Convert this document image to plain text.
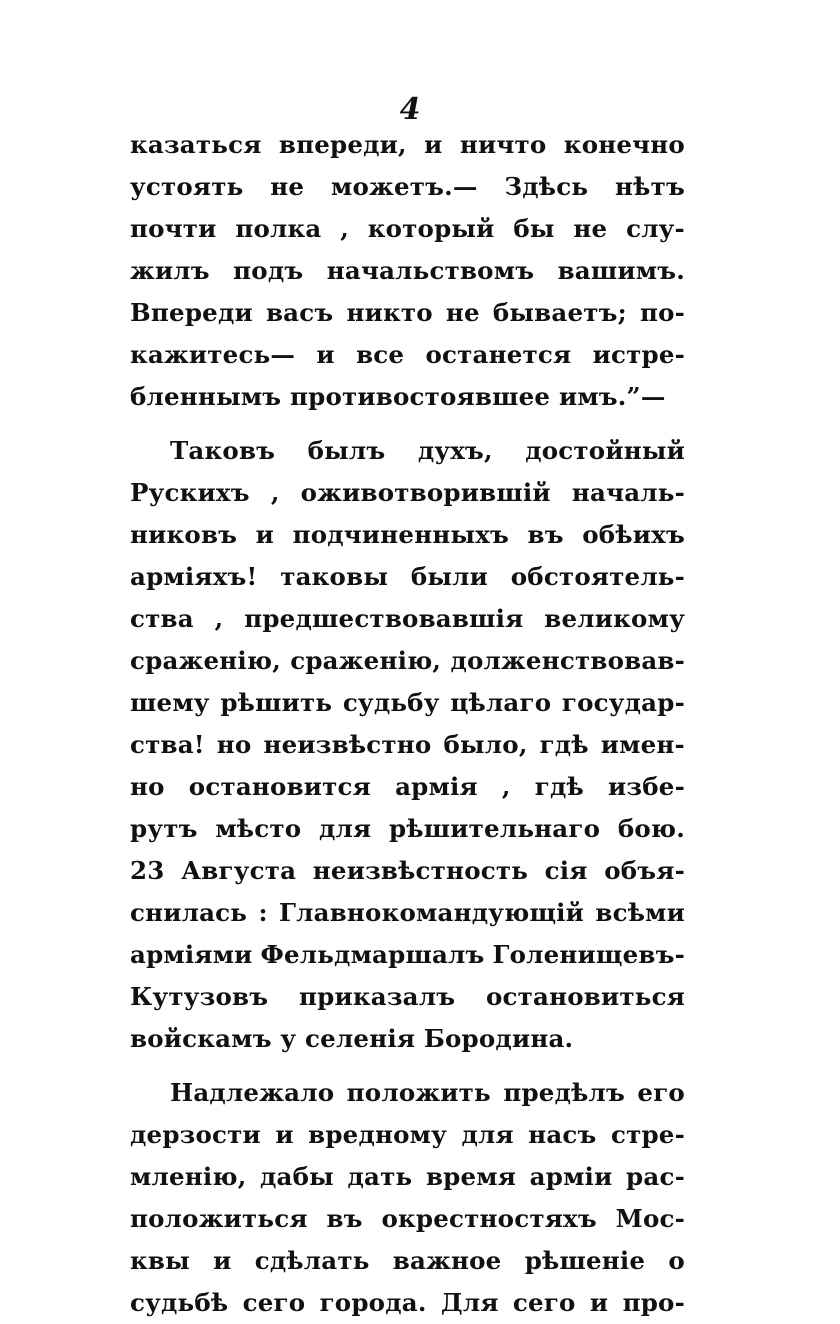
4
казаться впереди, и ничто конечно
устоять не можетъ.— Здѣсь нѣтъ
почти полка , который бы не слу-
жилъ подъ начальствомъ вашимъ.
Впереди васъ никто не бываетъ; по-
кажитесь— и все останется истре-
бленнымъ противостоявшее имъ.”—
Таковъ былъ духъ, достойный
Рускихъ , оживотворившій началь-
никовъ и подчиненныхъ въ обѣихъ
арміяхъ! таковы были обстоятель-
ства , предшествовавшія великому
сраженію, сраженію, долженствовав-
шему рѣшить судьбу цѣлаго государ-
ства! но неизвѣстно было, гдѣ имен-
но остановится армія , гдѣ избе-
рутъ мѣсто для рѣшительнаго бою.
23 Августа неизвѣстность сія объя-
снилась : Главнокомандующій всѣми
арміями Фельдмаршалъ Голенищевъ-
Кутузовъ приказалъ остановиться
войскамъ у селенія Бородина.
Надлежало положить предѣлъ его
дерзости и вредному для насъ стре-
мленію, дабы дать время арміи рас-
положиться въ окрестностяхъ Мос-
квы и сдѣлать важное рѣшеніе о
судьбѣ сего города. Для сего и про-
